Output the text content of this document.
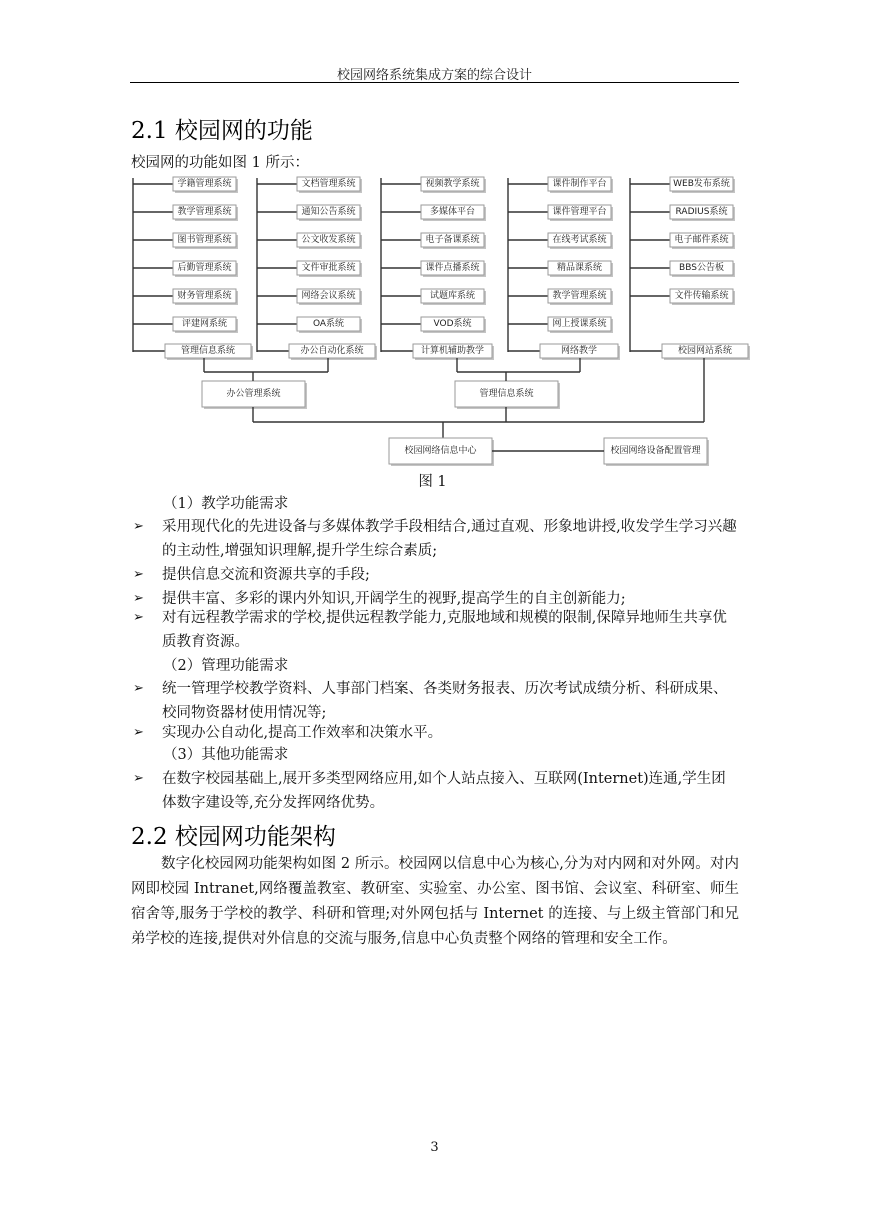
校园网络系统集成方案的综合设计
2.1 校园网的功能
校园网的功能如图 1 所示：
学籍管理系统
教学管理系统
图书管理系统
后勤管理系统
财务管理系统
评建网系统
管理信息系统
文档管理系统
通知公告系统
公文收发系统
文件审批系统
网络会议系统
OA系统
办公自动化系统
视频教学系统
多媒体平台
电子备课系统
课件点播系统
试题库系统
VOD系统
计算机辅助教学
课件制作平台
课件管理平台
在线考试系统
精品课系统
教学管理系统
网上授课系统
网络教学
WEB发布系统
RADIUS系统
电子邮件系统
BBS公告板
文件传输系统
校园网站系统
办公管理系统	管理信息系统
校园网络信息中心	校园网络设备配置管理
图 1
（1）教学功能需求
➢ 采用现代化的先进设备与多媒体教学手段相结合,通过直观、形象地讲授,收发学生学习兴趣的主动性,增强知识理解,提升学生综合素质;
➢ 提供信息交流和资源共享的手段;
➢ 提供丰富、多彩的课内外知识,开阔学生的视野,提高学生的自主创新能力;
➢ 对有远程教学需求的学校,提供远程教学能力,克服地域和规模的限制,保障异地师生共享优质教育资源。
（2）管理功能需求
➢ 统一管理学校教学资料、人事部门档案、各类财务报表、历次考试成绩分析、科研成果、校同物资器材使用情况等;
➢ 实现办公自动化,提高工作效率和决策水平。
（3）其他功能需求
➢ 在数字校园基础上,展开多类型网络应用,如个人站点接入、互联网(Internet)连通,学生团体数字建设等,充分发挥网络优势。
2.2 校园网功能架构
数字化校园网功能架构如图 2 所示。校园网以信息中心为核心,分为对内网和对外网。对内网即校园 Intranet,网络覆盖教室、教研室、实验室、办公室、图书馆、会议室、科研室、师生宿舍等,服务于学校的教学、科研和管理;对外网包括与 Internet 的连接、与上级主管部门和兄弟学校的连接,提供对外信息的交流与服务,信息中心负责整个网络的管理和安全工作。
3
